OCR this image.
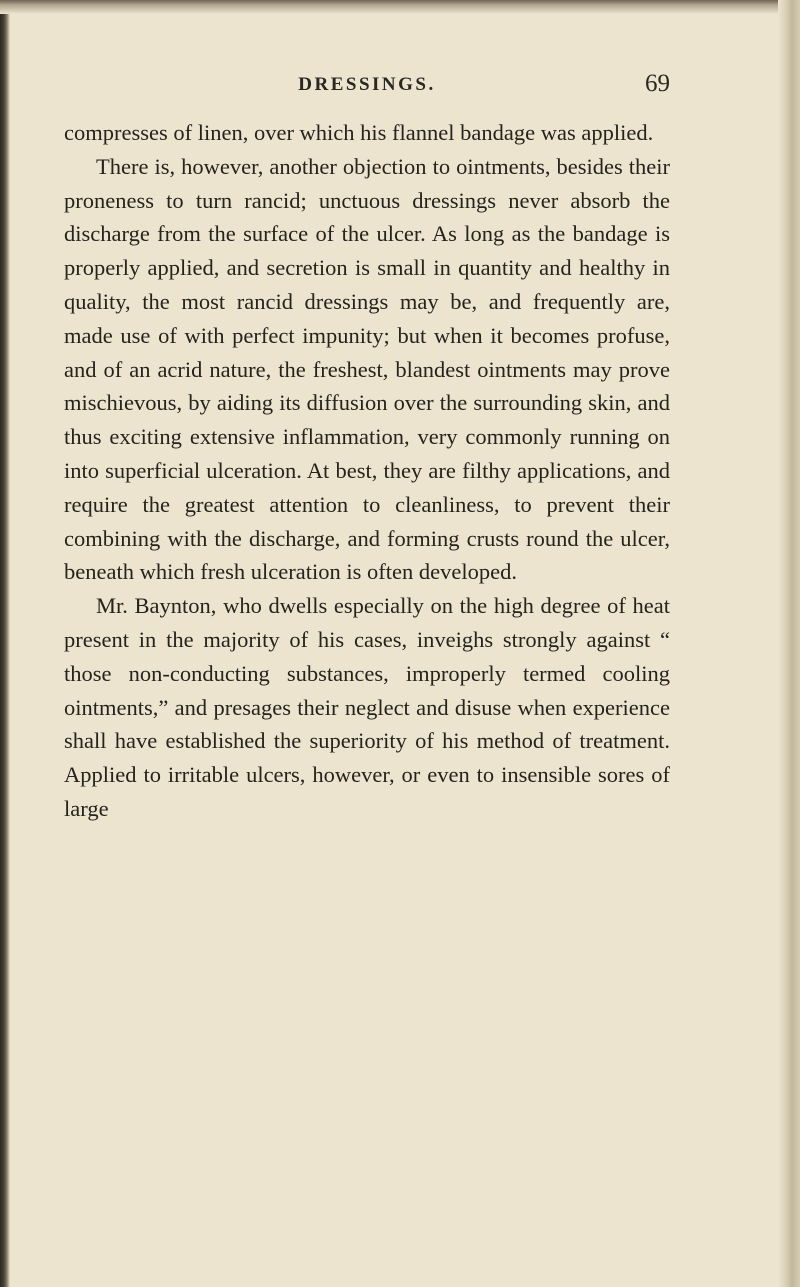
DRESSINGS.	69

compresses of linen, over which his flannel bandage was applied.

There is, however, another objection to ointments, besides their proneness to turn rancid; unctuous dressings never absorb the discharge from the surface of the ulcer. As long as the bandage is properly applied, and secretion is small in quantity and healthy in quality, the most rancid dressings may be, and frequently are, made use of with perfect impunity; but when it becomes profuse, and of an acrid nature, the freshest, blandest ointments may prove mischievous, by aiding its diffusion over the surrounding skin, and thus exciting extensive inflammation, very commonly running on into superficial ulceration. At best, they are filthy applications, and require the greatest attention to cleanliness, to prevent their combining with the discharge, and forming crusts round the ulcer, beneath which fresh ulceration is often developed.

Mr. Baynton, who dwells especially on the high degree of heat present in the majority of his cases, inveighs strongly against “ those non-conducting substances, improperly termed cooling ointments,” and presages their neglect and disuse when experience shall have established the superiority of his method of treatment. Applied to irritable ulcers, however, or even to insensible sores of large
